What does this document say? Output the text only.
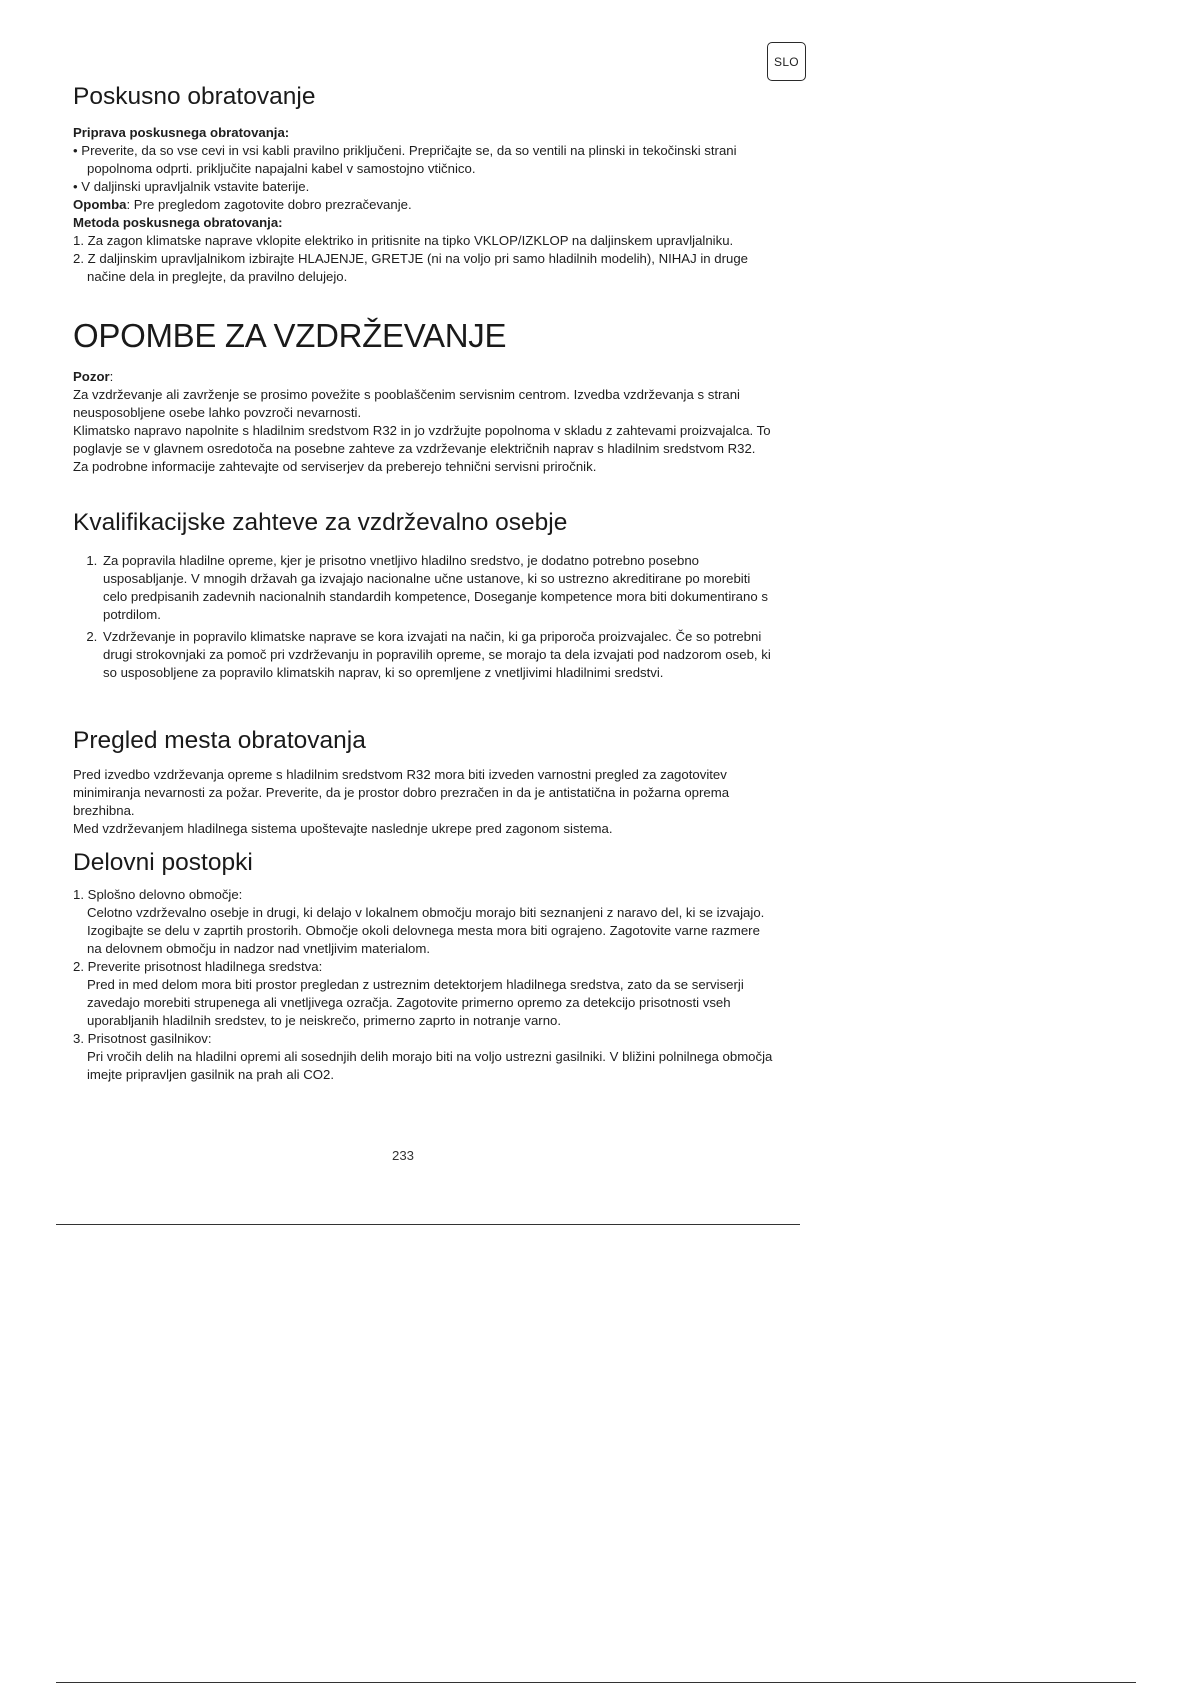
SLO
Poskusno obratovanje

Priprava poskusnega obratovanja:

• Preverite, da so vse cevi in vsi kabli pravilno priključeni. Prepričajte se, da so ventili na plinski in tekočinski strani popolnoma odprti. priključite napajalni kabel v samostojno vtičnico.

• V daljinski upravljalnik vstavite baterije.

Opomba: Pre pregledom zagotovite dobro prezračevanje.

Metoda poskusnega obratovanja:

1. Za zagon klimatske naprave vklopite elektriko in pritisnite na tipko VKLOP/IZKLOP na daljinskem upravljalniku.

2. Z daljinskim upravljalnikom izbirajte HLAJENJE, GRETJE (ni na voljo pri samo hladilnih modelih), NIHAJ in druge načine dela in preglejte, da pravilno delujejo.

OPOMBE ZA VZDRŽEVANJE

Pozor:

Za vzdrževanje ali zavrženje se prosimo povežite s pooblaščenim servisnim centrom. Izvedba vzdrževanja s strani neusposobljene osebe lahko povzroči nevarnosti.

Klimatsko napravo napolnite s hladilnim sredstvom R32 in jo vzdržujte popolnoma v skladu z zahtevami proizvajalca. To poglavje se v glavnem osredotoča na posebne zahteve za vzdrževanje električnih naprav s hladilnim sredstvom R32. Za podrobne informacije zahtevajte od serviserjev da preberejo tehnični servisni priročnik.

Kvalifikacijske zahteve za vzdrževalno osebje
1. Za popravila hladilne opreme, kjer je prisotno vnetljivo hladilno sredstvo, je dodatno potrebno posebno usposabljanje. V mnogih državah ga izvajajo nacionalne učne ustanove, ki so ustrezno akreditirane po morebiti celo predpisanih zadevnih nacionalnih standardih kompetence, Doseganje kompetence mora biti dokumentirano s potrdilom.
2. Vzdrževanje in popravilo klimatske naprave se kora izvajati na način, ki ga priporoča proizvajalec. Če so potrebni drugi strokovnjaki za pomoč pri vzdrževanju in popravilih opreme, se morajo ta dela izvajati pod nadzorom oseb, ki so usposobljene za popravilo klimatskih naprav, ki so opremljene z vnetljivimi hladilnimi sredstvi.
Pregled mesta obratovanja

Pred izvedbo vzdrževanja opreme s hladilnim sredstvom R32 mora biti izveden varnostni pregled za zagotovitev minimiranja nevarnosti za požar. Preverite, da je prostor dobro prezračen in da je antistatična in požarna oprema brezhibna.

Med vzdrževanjem hladilnega sistema upoštevajte naslednje ukrepe pred zagonom sistema.

Delovni postopki

1. Splošno delovno območje:

Celotno vzdrževalno osebje in drugi, ki delajo v lokalnem območju morajo biti seznanjeni z naravo del, ki se izvajajo. Izogibajte se delu v zaprtih prostorih. Območje okoli delovnega mesta mora biti ograjeno. Zagotovite varne razmere na delovnem območju in nadzor nad vnetljivim materialom.

2. Preverite prisotnost hladilnega sredstva:

Pred in med delom mora biti prostor pregledan z ustreznim detektorjem hladilnega sredstva, zato da se serviserji zavedajo morebiti strupenega ali vnetljivega ozračja. Zagotovite primerno opremo za detekcijo prisotnosti vseh uporabljanih hladilnih sredstev, to je neiskrečo, primerno zaprto in notranje varno.

3. Prisotnost gasilnikov:

Pri vročih delih na hladilni opremi ali sosednjih delih morajo biti na voljo ustrezni gasilniki. V bližini polnilnega območja imejte pripravljen gasilnik na prah ali CO2.

233
